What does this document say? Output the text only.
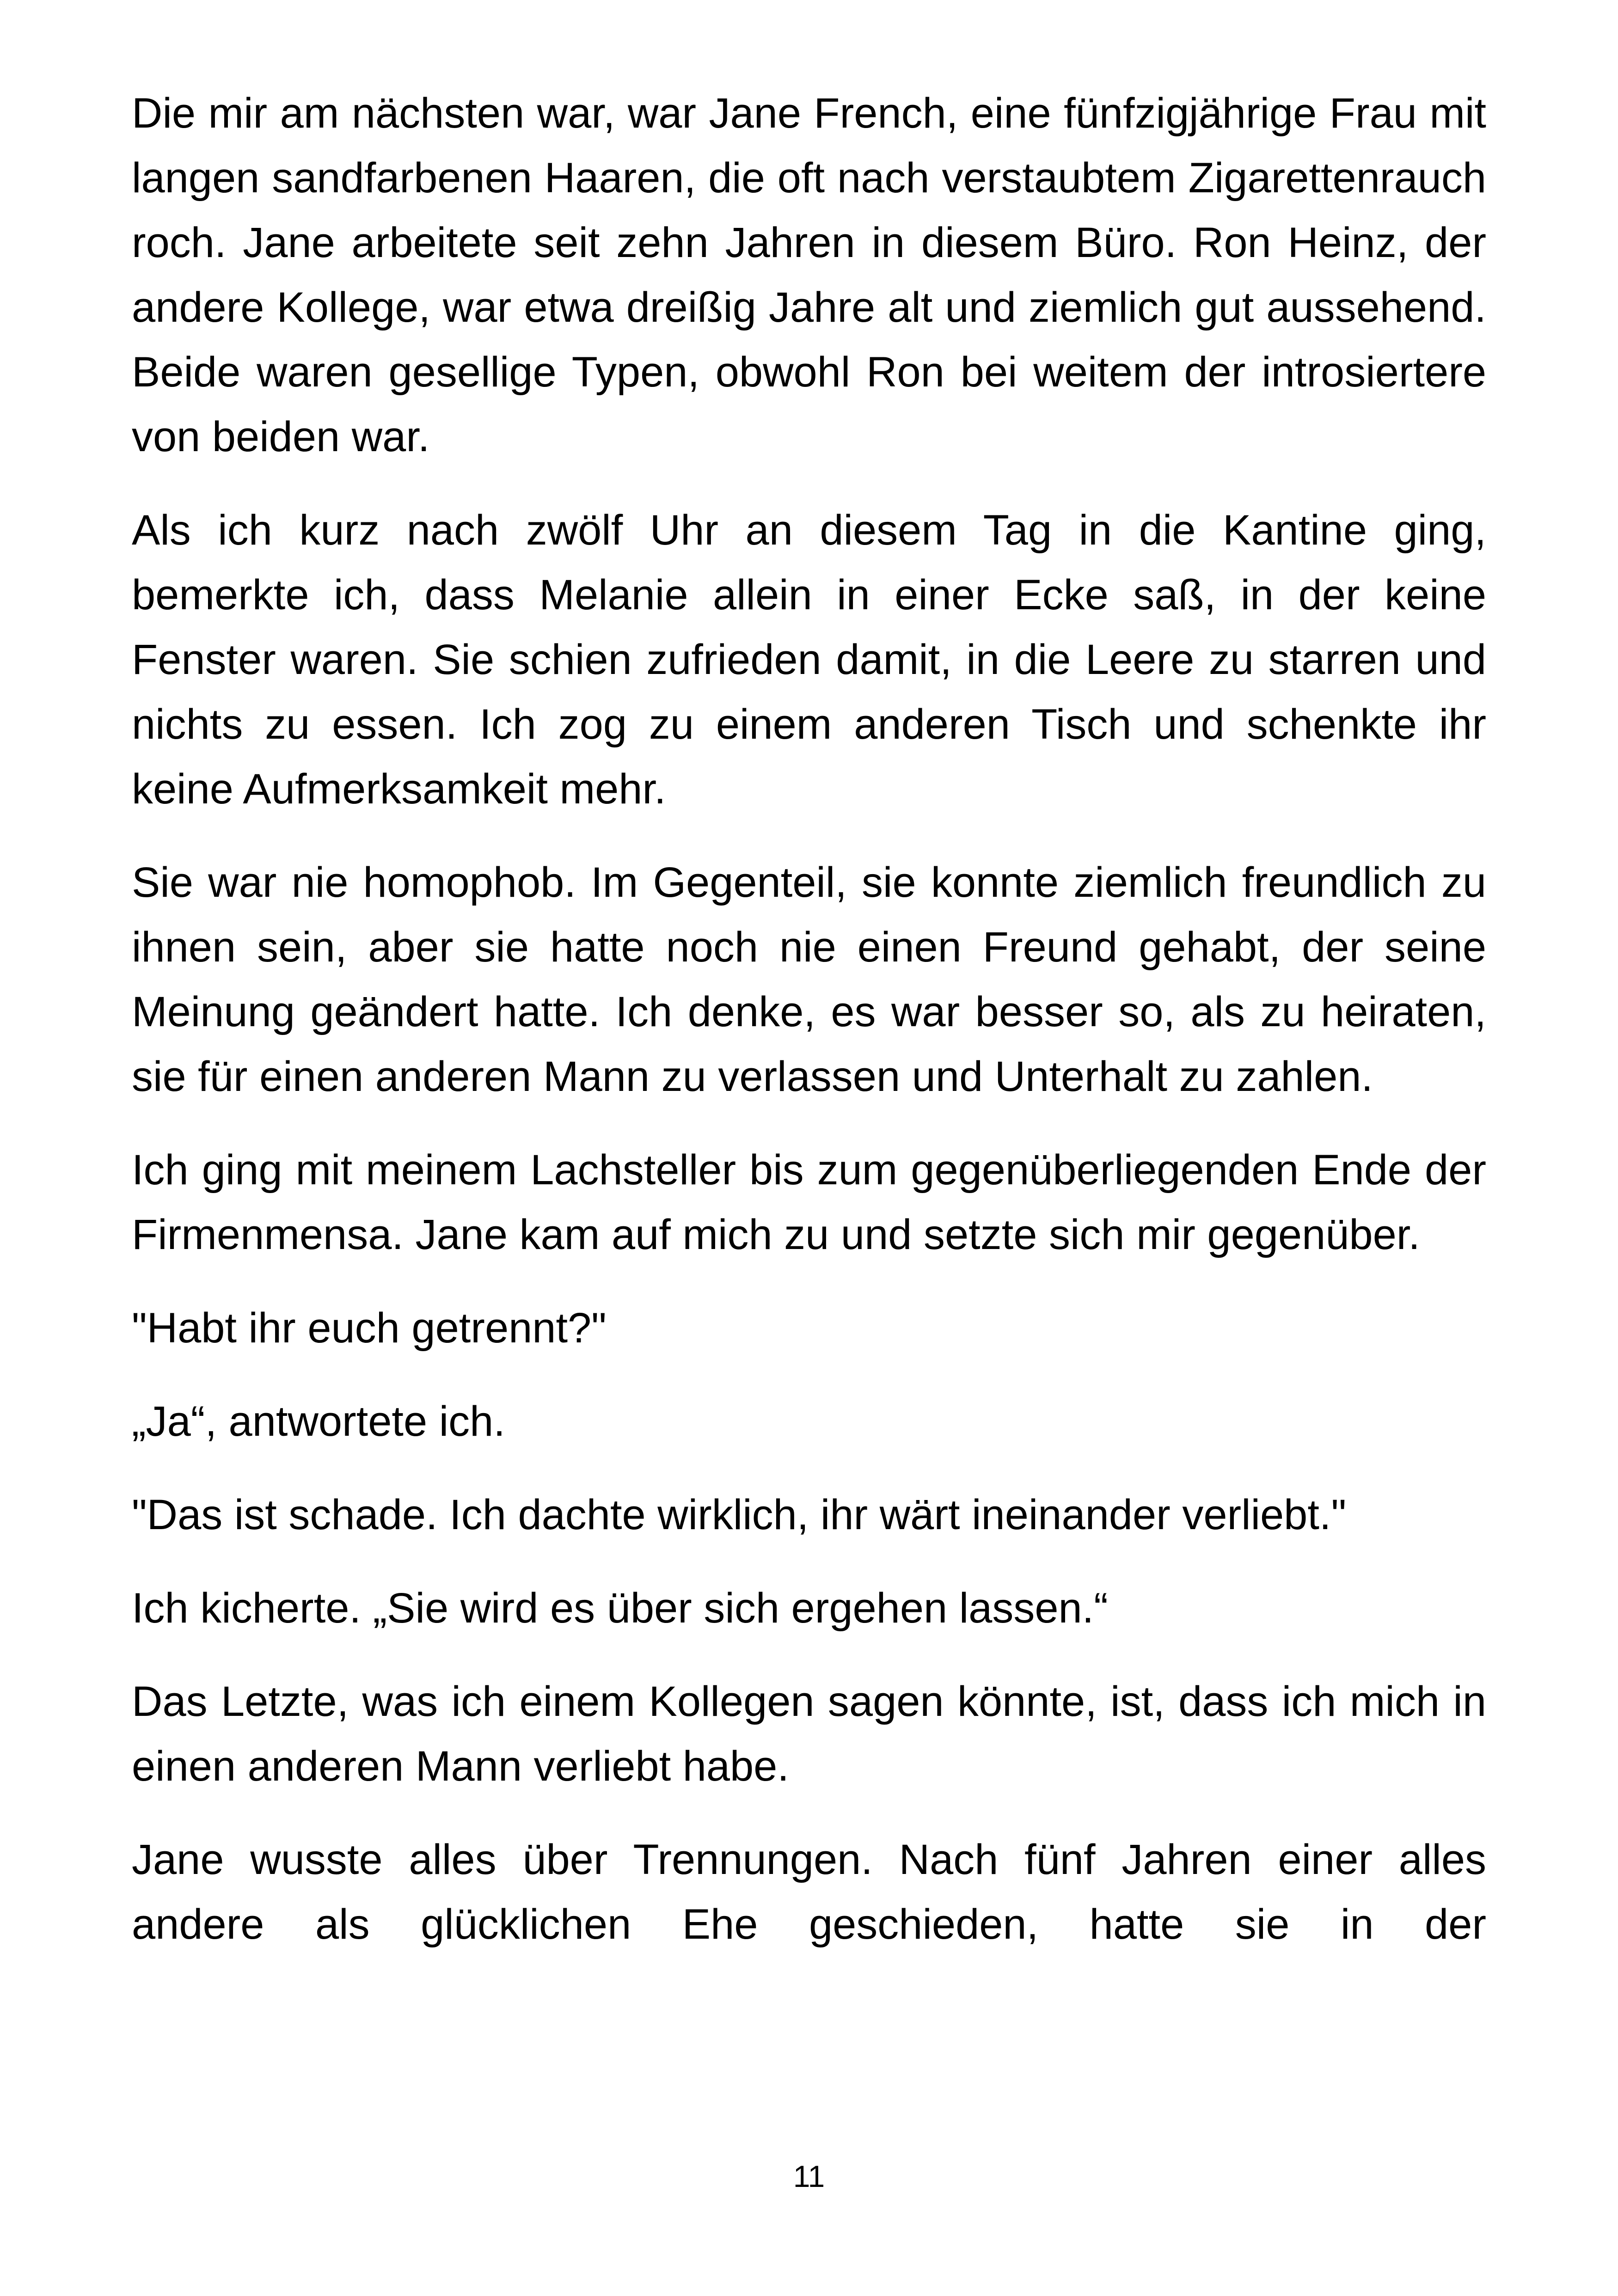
Die mir am nächsten war, war Jane French, eine fünfzigjährige Frau mit langen sandfarbenen Haaren, die oft nach verstaubtem Zigarettenrauch roch. Jane arbeitete seit zehn Jahren in diesem Büro. Ron Heinz, der andere Kollege, war etwa dreißig Jahre alt und ziemlich gut aussehend. Beide waren gesellige Typen, obwohl Ron bei weitem der introsiertere von beiden war.

Als ich kurz nach zwölf Uhr an diesem Tag in die Kantine ging, bemerkte ich, dass Melanie allein in einer Ecke saß, in der keine Fenster waren. Sie schien zufrieden damit, in die Leere zu starren und nichts zu essen. Ich zog zu einem anderen Tisch und schenkte ihr keine Aufmerksamkeit mehr.

Sie war nie homophob. Im Gegenteil, sie konnte ziemlich freundlich zu ihnen sein, aber sie hatte noch nie einen Freund gehabt, der seine Meinung geändert hatte. Ich denke, es war besser so, als zu heiraten, sie für einen anderen Mann zu verlassen und Unterhalt zu zahlen.

Ich ging mit meinem Lachsteller bis zum gegenüberliegenden Ende der Firmenmensa. Jane kam auf mich zu und setzte sich mir gegenüber.

"Habt ihr euch getrennt?"

„Ja“, antwortete ich.

"Das ist schade. Ich dachte wirklich, ihr wärt ineinander verliebt."

Ich kicherte. „Sie wird es über sich ergehen lassen.“

Das Letzte, was ich einem Kollegen sagen könnte, ist, dass ich mich in einen anderen Mann verliebt habe.

Jane wusste alles über Trennungen. Nach fünf Jahren einer alles andere als glücklichen Ehe geschieden, hatte sie in der

11
